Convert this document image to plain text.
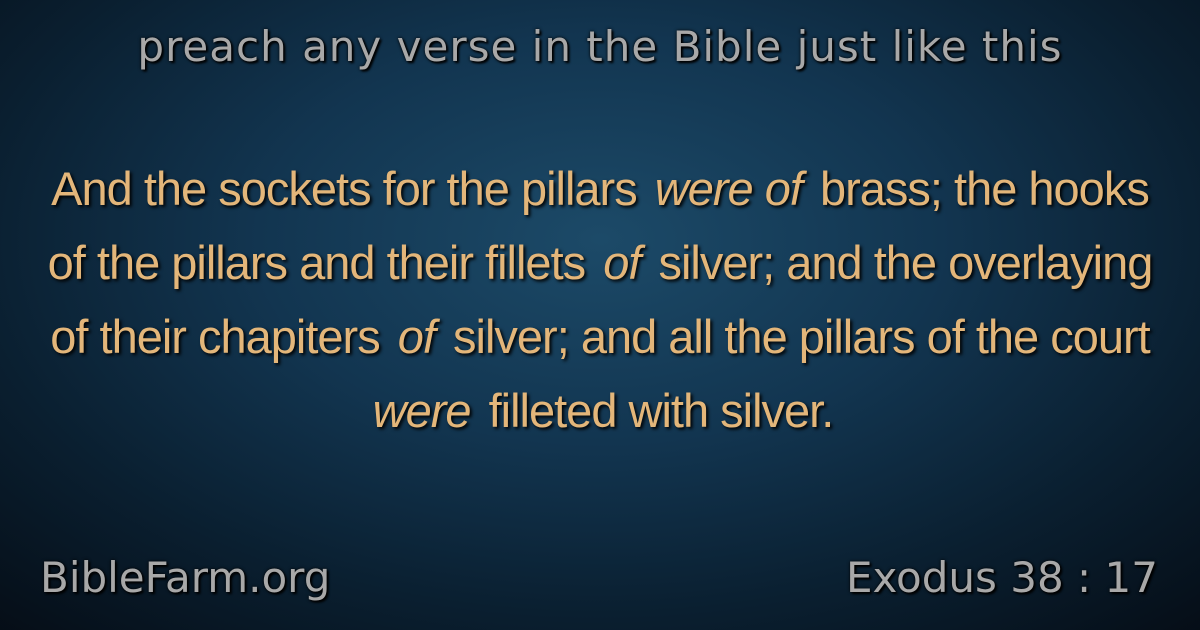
preach any verse in the Bible just like this
And the sockets for the pillars were of brass; the hooks of the pillars and their fillets of silver; and the overlaying of their chapiters of silver; and all the pillars of the court were filleted with silver.
BibleFarm.org	Exodus 38 : 17
